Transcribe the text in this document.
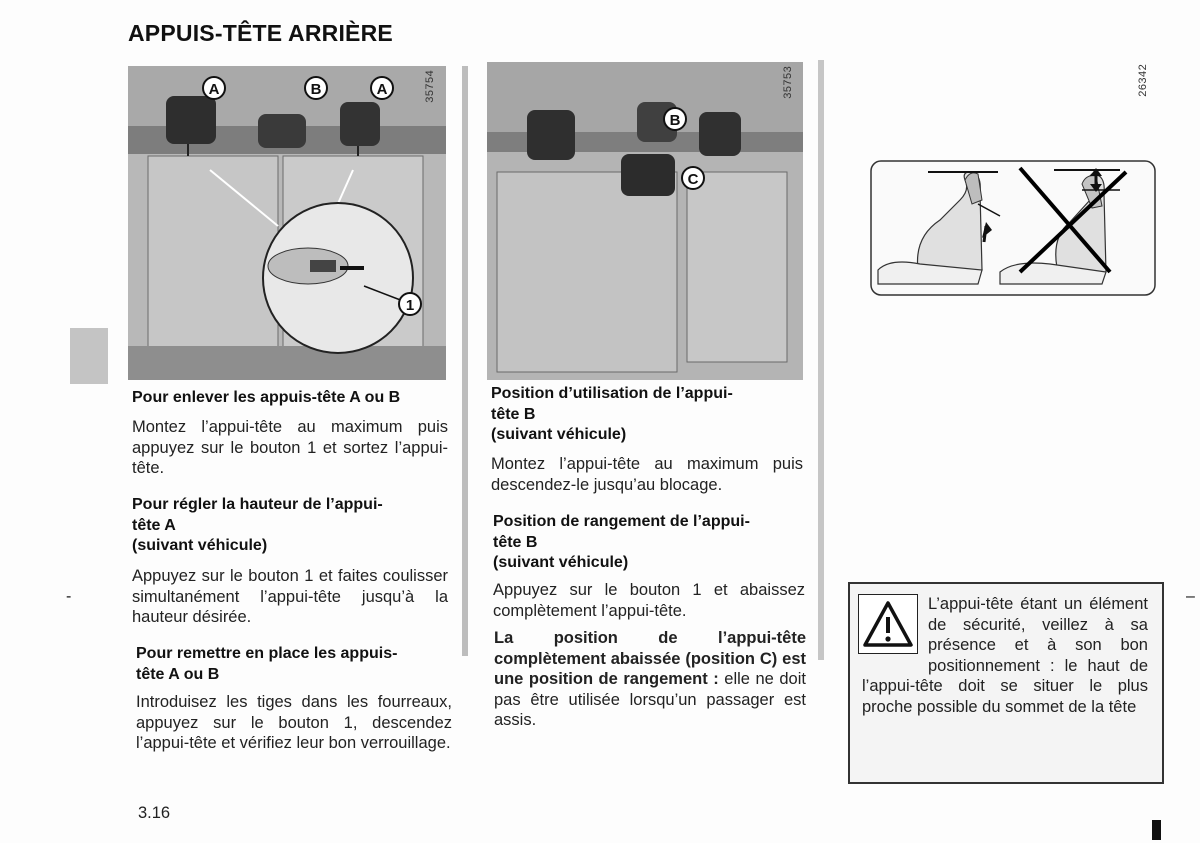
APPUIS-TÊTE ARRIÈRE
A	B	A
1
35754
B
C
35753	26342
Pour enlever les appuis-tête A ou B
Montez l’appui-tête au maximum puis appuyez sur le bouton 1 et sortez l’appui-tête.
Pour régler la hauteur de l’appui-
tête A
(suivant véhicule)
Appuyez sur le bouton 1 et faites coulisser simultanément l’appui-tête jusqu’à la hauteur désirée.
Pour remettre en place les appuis-
tête A ou B
Introduisez les tiges dans les fourreaux, appuyez sur le bouton 1, descendez l’appui-tête et vérifiez leur bon verrouillage.
Position d’utilisation de l’appui-
tête B
(suivant véhicule)
Montez l’appui-tête au maximum puis descendez-le jusqu’au blocage.
Position de rangement de l’appui-
tête B
(suivant véhicule)
Appuyez sur le bouton 1 et abaissez complètement l’appui-tête.
La position de l’appui-tête complètement abaissée (position C) est une position de rangement : elle ne doit pas être utilisée lorsqu’un passager est assis.
L’appui-tête étant un élément de sécurité, veillez à sa présence et à son bon positionnement : le haut de l’appui-tête doit se situer le plus proche possible du sommet de la tête
-	–
3.16
